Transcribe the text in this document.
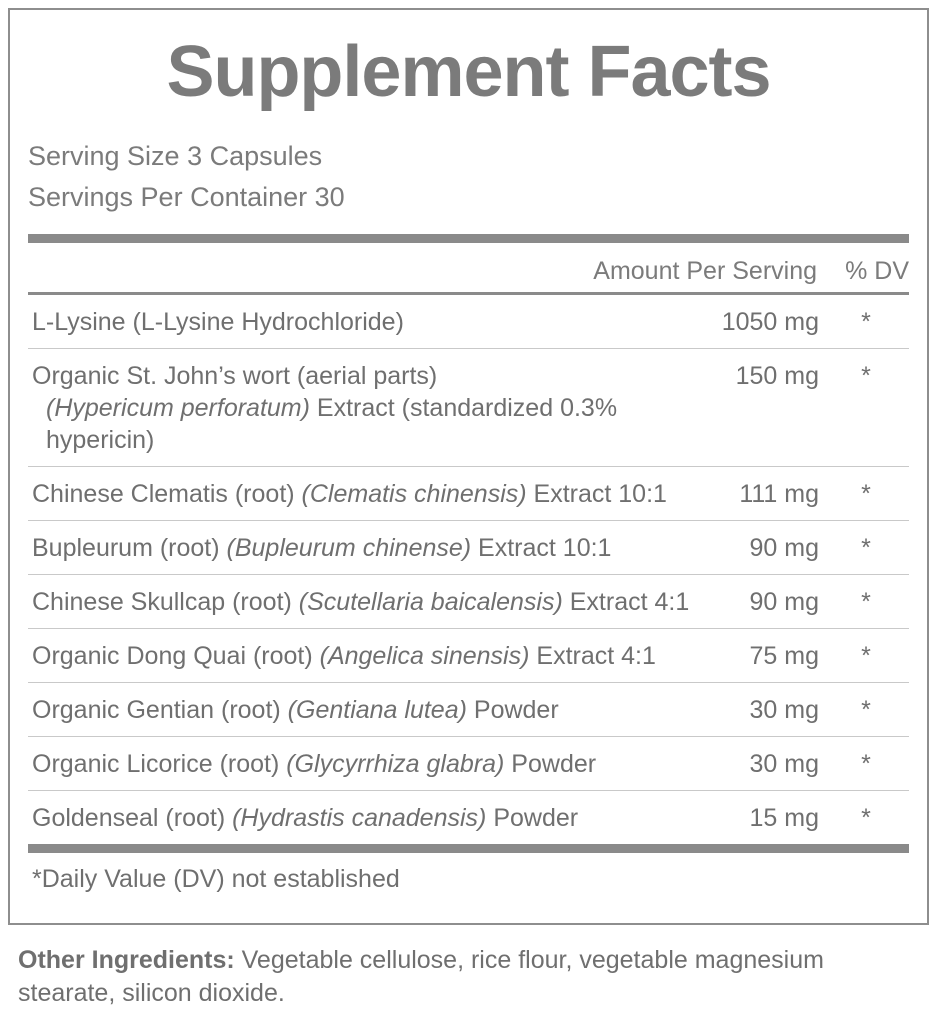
Supplement Facts
Serving Size 3 Capsules
Servings Per Container 30
Amount Per Serving	% DV
L-Lysine (L-Lysine Hydrochloride)	1050 mg	*
Organic St. John’s wort (aerial parts)
(Hypericum perforatum) Extract (standardized 0.3% hypericin)
150 mg	*
Chinese Clematis (root) (Clematis chinensis) Extract 10:1	111 mg	*
Bupleurum (root) (Bupleurum chinense) Extract 10:1	90 mg	*
Chinese Skullcap (root) (Scutellaria baicalensis) Extract 4:1	90 mg	*
Organic Dong Quai (root) (Angelica sinensis) Extract 4:1	75 mg	*
Organic Gentian (root) (Gentiana lutea) Powder	30 mg	*
Organic Licorice (root) (Glycyrrhiza glabra) Powder	30 mg	*
Goldenseal (root) (Hydrastis canadensis) Powder	15 mg	*
*Daily Value (DV) not established
Other Ingredients: Vegetable cellulose, rice flour, vegetable magnesium stearate, silicon dioxide.
